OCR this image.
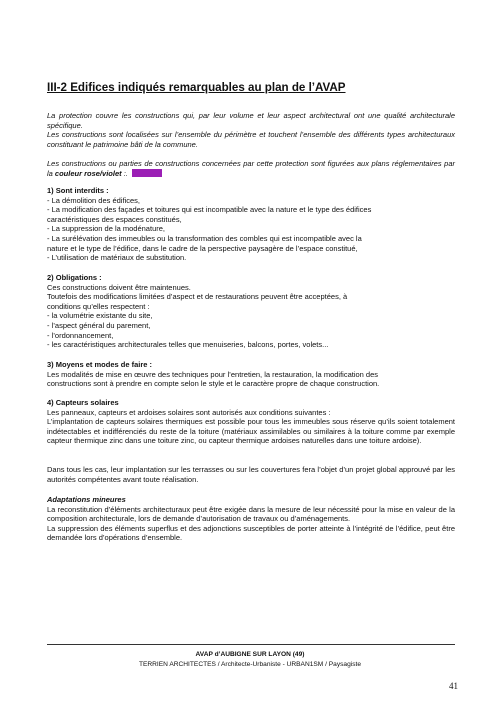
III-2 Edifices indiqués remarquables au plan de l’AVAP
La protection couvre les constructions qui, par leur volume et leur aspect architectural ont une qualité architecturale spécifique.
Les constructions sont localisées sur l’ensemble du périmètre et touchent l’ensemble des différents types architecturaux constituant le patrimoine bâti de la commune.
Les constructions ou parties de constructions concernées par cette protection sont figurées aux plans réglementaires par la couleur rose/violet :.
1) Sont interdits :
- La démolition des édifices,
- La modification des façades et toitures qui est incompatible avec la nature et le type des édifices
caractéristiques des espaces constitués,
- La suppression de la modénature,
- La surélévation des immeubles ou la transformation des combles qui est incompatible avec la
nature et le type de l’édifice, dans le cadre de la perspective paysagère de l’espace constitué,
- L’utilisation de matériaux de substitution.
2) Obligations :
Ces constructions doivent être maintenues.
Toutefois des modifications limitées d’aspect et de restaurations peuvent être acceptées, à
conditions qu’elles respectent :
- la volumétrie existante du site,
- l’aspect général du parement,
- l’ordonnancement,
- les caractéristiques architecturales telles que menuiseries, balcons, portes, volets...
3) Moyens et modes de faire :
Les modalités de mise en œuvre des techniques pour l’entretien, la restauration, la modification des
constructions sont à prendre en compte selon le style et le caractère propre de chaque construction.
4) Capteurs solaires
Les panneaux, capteurs et ardoises solaires sont autorisés aux conditions suivantes :
L’implantation de capteurs solaires thermiques est possible pour tous les immeubles sous réserve qu’ils soient totalement indétectables et indifférenciés du reste de la toiture (matériaux assimilables ou similaires à la toiture comme par exemple capteur thermique zinc dans une toiture zinc, ou capteur thermique ardoises naturelles dans une toiture ardoise).
Dans tous les cas, leur implantation sur les terrasses ou sur les couvertures fera l’objet d’un projet global approuvé par les autorités compétentes avant toute réalisation.
Adaptations mineures
La reconstitution d’éléments architecturaux peut être exigée dans la mesure de leur nécessité pour la mise en valeur de la composition architecturale, lors de demande d’autorisation de travaux ou d’aménagements.
La suppression des éléments superflus et des adjonctions susceptibles de porter atteinte à l’intégrité de l’édifice, peut être demandée lors d’opérations d’ensemble.
AVAP d’AUBIGNE SUR LAYON (49)
TERRIEN ARCHITECTES / Architecte-Urbaniste - URBAN1SM / Paysagiste
41
